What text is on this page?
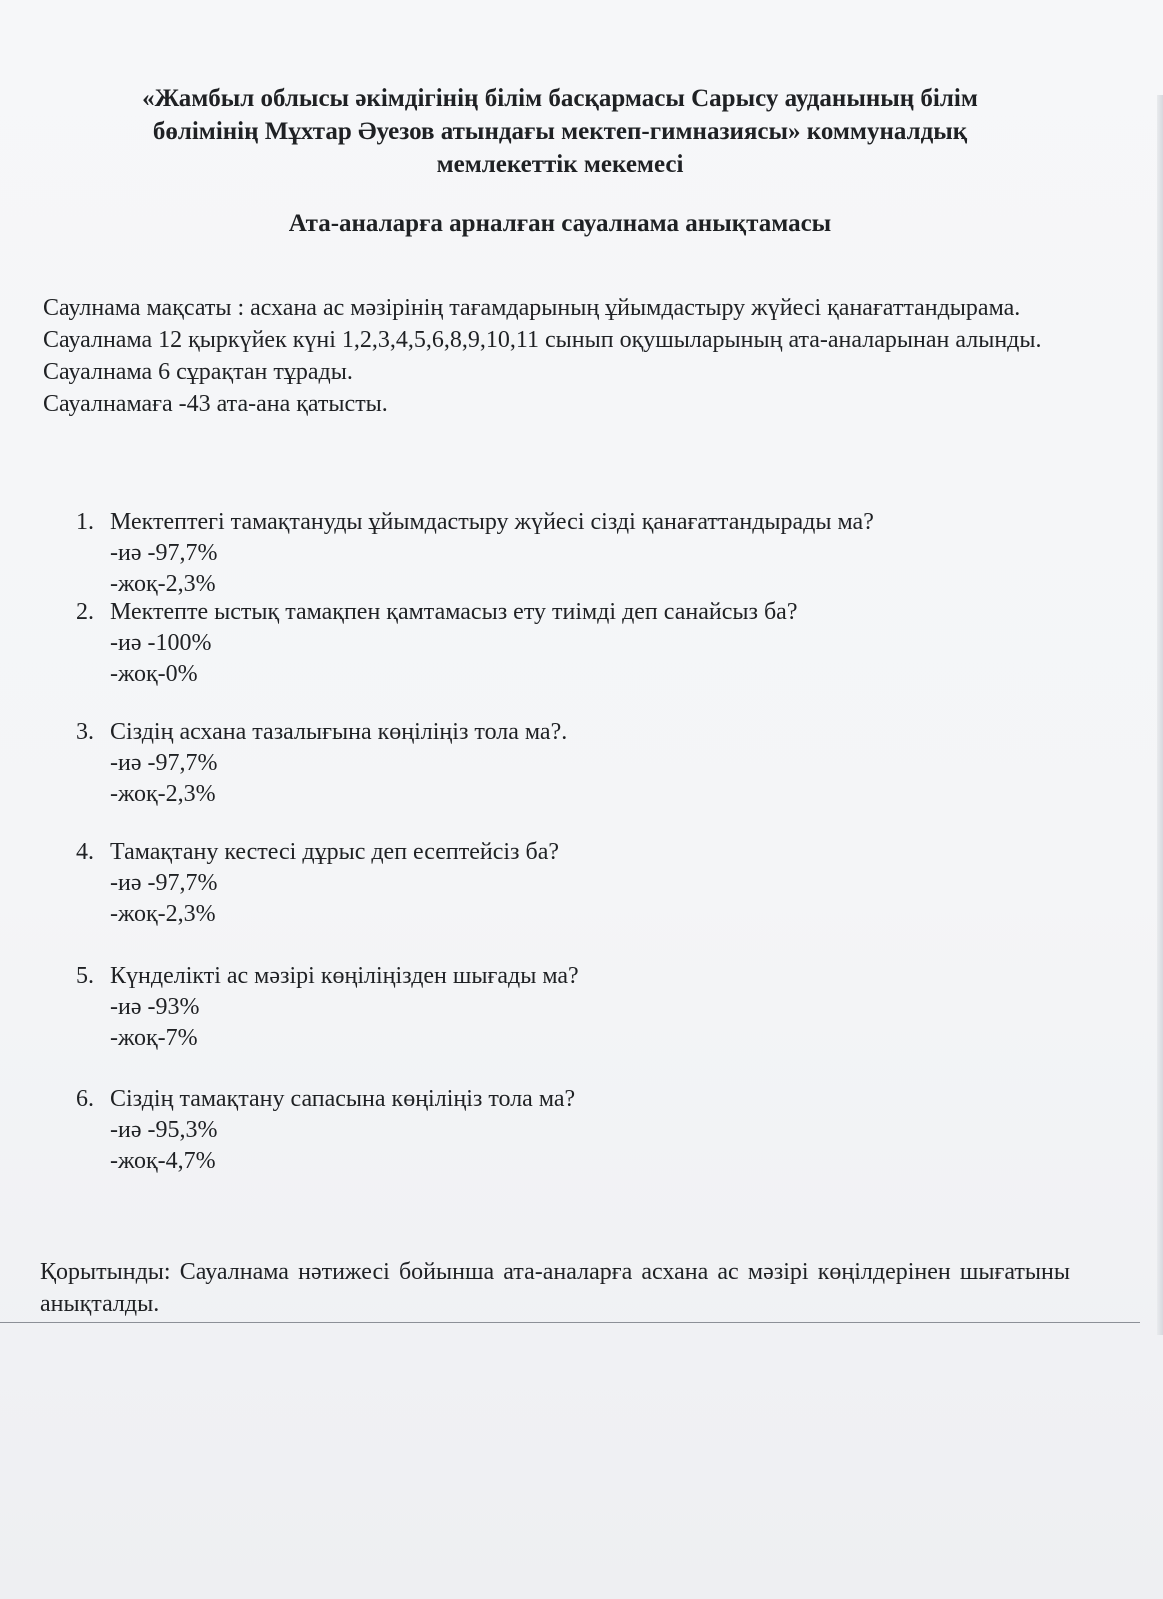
«Жамбыл облысы әкімдігінің білім басқармасы Сарысу ауданының білім
бөлімінің Мұхтар Әуезов атындағы мектеп-гимназиясы» коммуналдық
мемлекеттік мекемесі
Ата-аналарға арналған сауалнама анықтамасы

Саулнама мақсаты : асхана ас мәзірінің тағамдарының ұйымдастыру жүйесі қанағаттандырама.

Сауалнама 12 қыркүйек күні 1,2,3,4,5,6,8,9,10,11 сынып оқушыларының ата-аналарынан алынды.

Сауалнама 6 сұрақтан тұрады.

Сауалнамаға -43 ата-ана қатысты.

1. Мектептегі тамақтануды ұйымдастыру жүйесі сізді қанағаттандырады ма?
-иә -97,7%
-жоқ-2,3%
2. Мектепте ыстық тамақпен қамтамасыз ету тиімді деп санайсыз ба?
-иә -100%
-жоқ-0%
3. Сіздің асхана тазалығына көңіліңіз тола ма?.
-иә -97,7%
-жоқ-2,3%
4. Тамақтану кестесі дұрыс деп есептейсіз ба?
-иә -97,7%
-жоқ-2,3%
5. Күнделікті ас мәзірі көңіліңізден шығады ма?
-иә -93%
-жоқ-7%
6. Сіздің тамақтану сапасына көңіліңіз тола ма?
-иә -95,3%
-жоқ-4,7%

Қорытынды: Сауалнама нәтижесі бойынша ата-аналарға асхана ас мәзірі көңілдерінен шығатыны анықталды.
